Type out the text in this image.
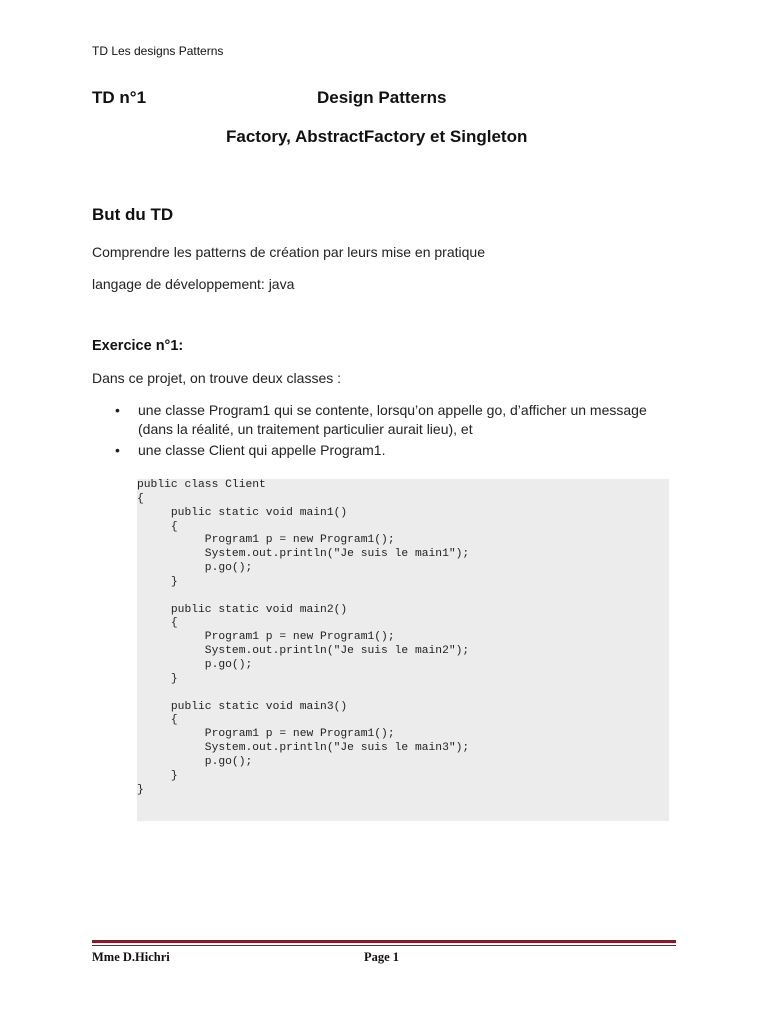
TD Les designs Patterns
TD n°1	Design Patterns
Factory, AbstractFactory et Singleton
But du TD
Comprendre les patterns de création par leurs mise en pratique
langage de développement: java
Exercice n°1:
Dans ce projet, on trouve deux classes :
• une classe Program1 qui se contente, lorsqu’on appelle go, d’afficher un message (dans la réalité, un traitement particulier aurait lieu), et
• une classe Client qui appelle Program1.
public class Client
{
public static void main1()
{
Program1 p = new Program1();
System.out.println("Je suis le main1");
p.go();
}

public static void main2()
{
Program1 p = new Program1();
System.out.println("Je suis le main2");
p.go();
}

public static void main3()
{
Program1 p = new Program1();
System.out.println("Je suis le main3");
p.go();
}
}
Mme D.Hichri	Page 1
